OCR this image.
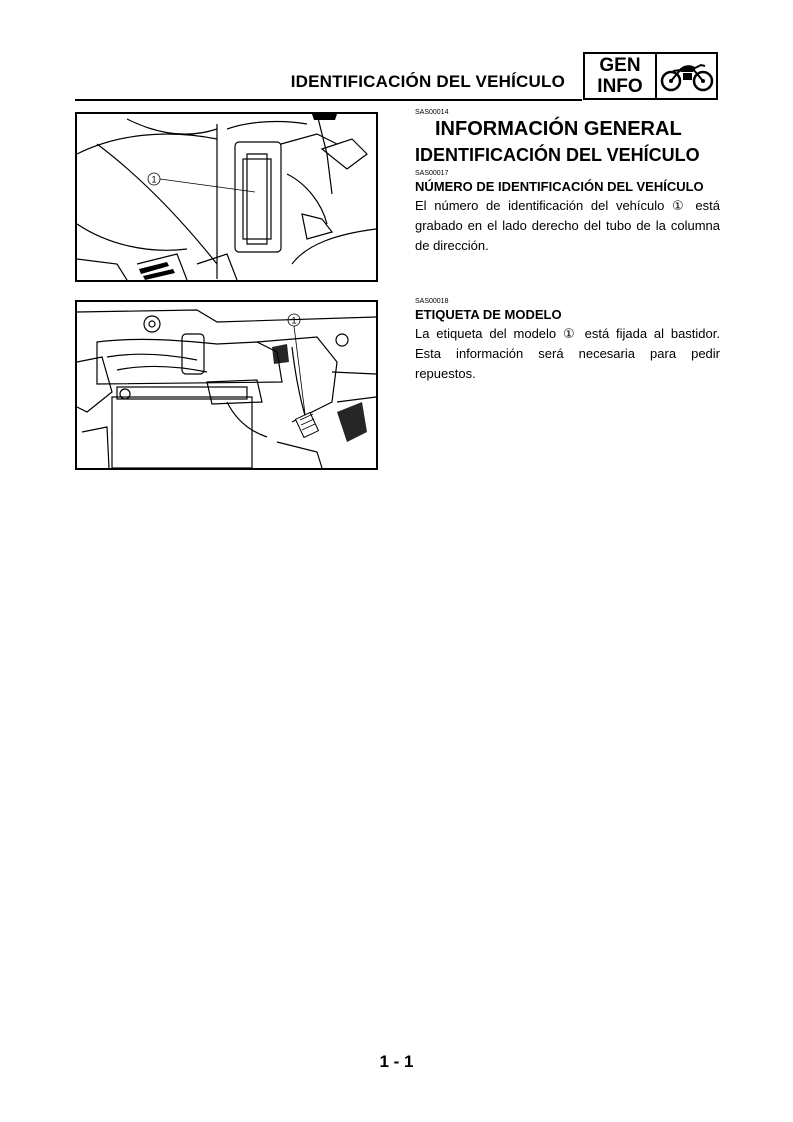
IDENTIFICACIÓN DEL VEHÍCULO
GEN
INFO
1
1
SAS00014
INFORMACIÓN GENERAL
IDENTIFICACIÓN DEL VEHÍCULO
SAS00017
NÚMERO DE IDENTIFICACIÓN DEL VEHÍCULO
El número de identificación del vehículo ① está grabado en el lado derecho del tubo de la columna de dirección.
SAS00018
ETIQUETA DE MODELO
La etiqueta del modelo ① está fijada al bastidor. Esta información será necesaria para pedir repuestos.
1 - 1
